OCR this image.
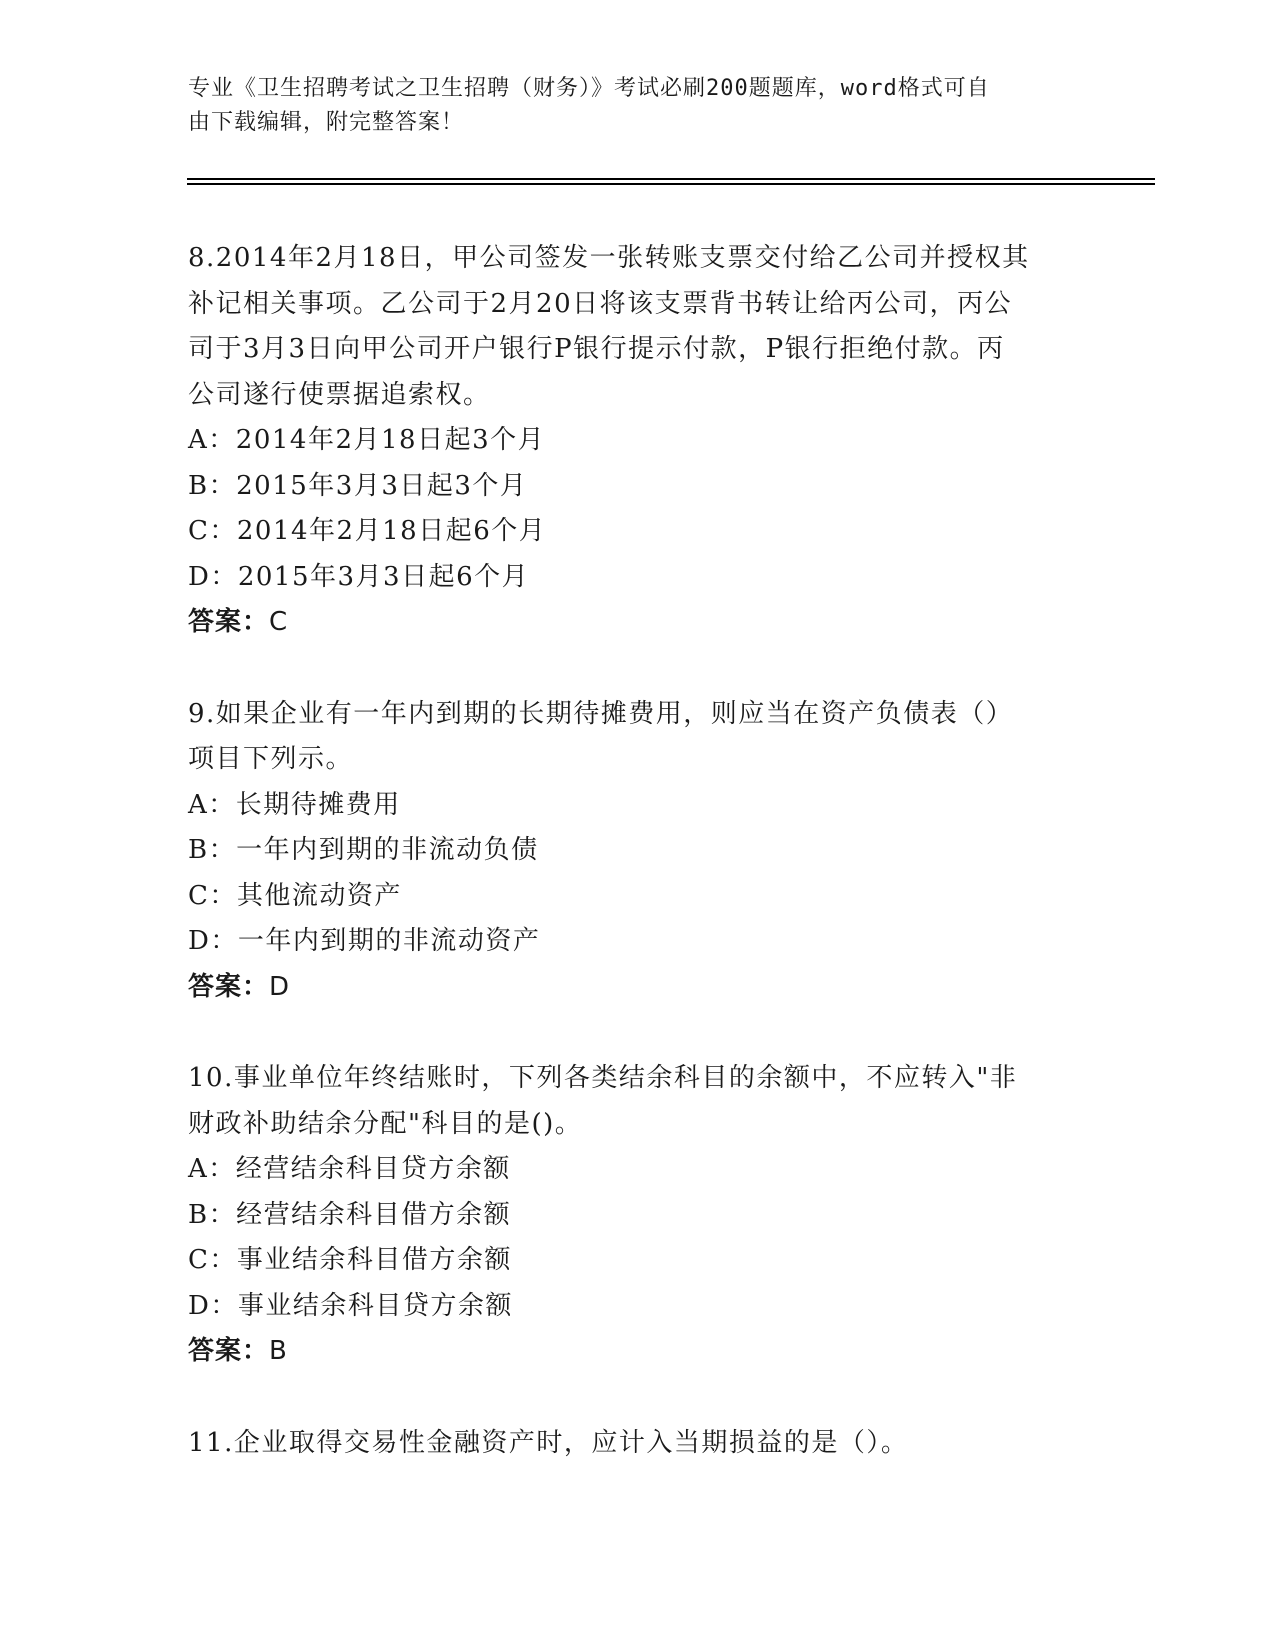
专业《卫生招聘考试之卫生招聘（财务）》考试必刷200题题库，word格式可自
由下载编辑，附完整答案！

8.2014年2月18日，甲公司签发一张转账支票交付给乙公司并授权其

补记相关事项。乙公司于2月20日将该支票背书转让给丙公司，丙公

司于3月3日向甲公司开户银行P银行提示付款，P银行拒绝付款。丙

公司遂行使票据追索权。

A：2014年2月18日起3个月

B：2015年3月3日起3个月

C：2014年2月18日起6个月

D：2015年3月3日起6个月

答案：C

9.如果企业有一年内到期的长期待摊费用，则应当在资产负债表（）

项目下列示。

A：长期待摊费用

B：一年内到期的非流动负债

C：其他流动资产

D：一年内到期的非流动资产

答案：D

10.事业单位年终结账时，下列各类结余科目的余额中，不应转入"非

财政补助结余分配"科目的是()。

A：经营结余科目贷方余额

B：经营结余科目借方余额

C：事业结余科目借方余额

D：事业结余科目贷方余额

答案：B

11.企业取得交易性金融资产时，应计入当期损益的是（）。
